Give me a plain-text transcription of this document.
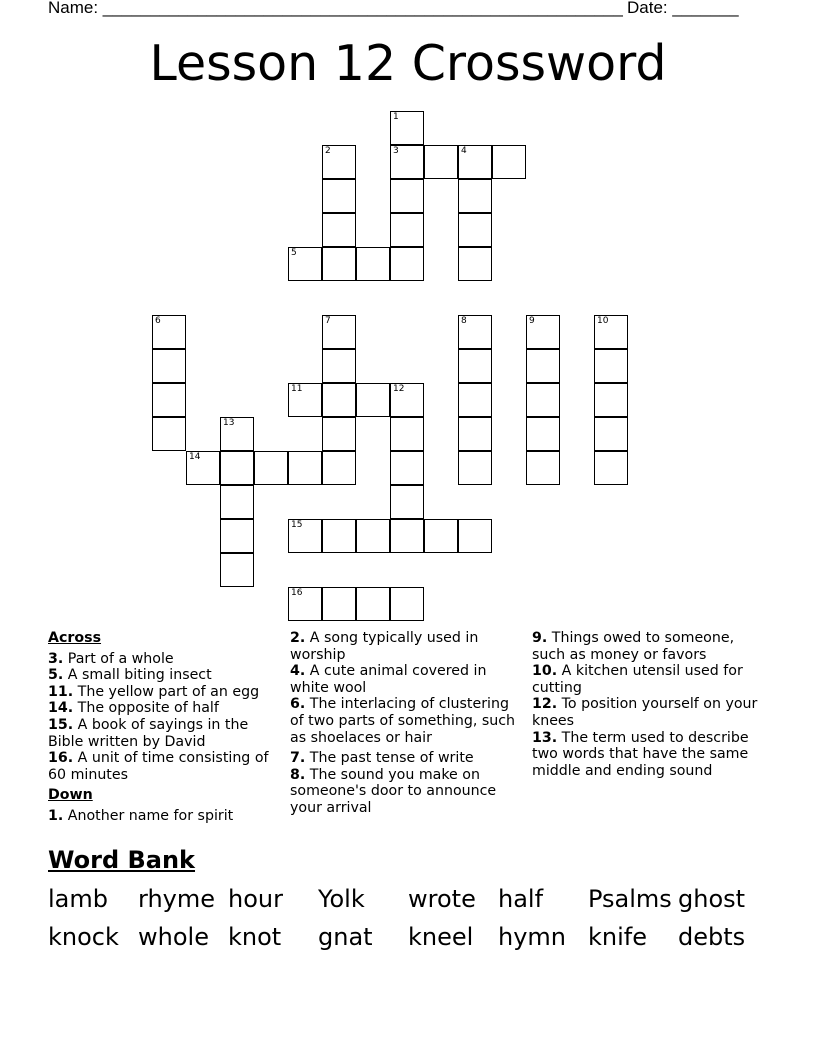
Name: _______________________________________________________ Date: _______
Lesson 12 Crossword
1
3
2	4
5
6	7	8	9	10
11	12
13
14
15
16
Across
3. Part of a whole
5. A small biting insect
11. The yellow part of an egg
14. The opposite of half
15. A book of sayings in the Bible written by David
16. A unit of time consisting of 60 minutes
Down
1. Another name for spirit
2. A song typically used in worship
4. A cute animal covered in white wool
6. The interlacing of clustering of two parts of something, such as shoelaces or hair
7. The past tense of write
8. The sound you make on someone's door to announce your arrival
9. Things owed to someone, such as money or favors
10. A kitchen utensil used for cutting
12. To position yourself on your knees
13. The term used to describe two words that have the same middle and ending sound
Word Bank
lamb rhyme hour Yolk wrote half Psalms ghost
knock whole knot gnat kneel hymn knife debts
